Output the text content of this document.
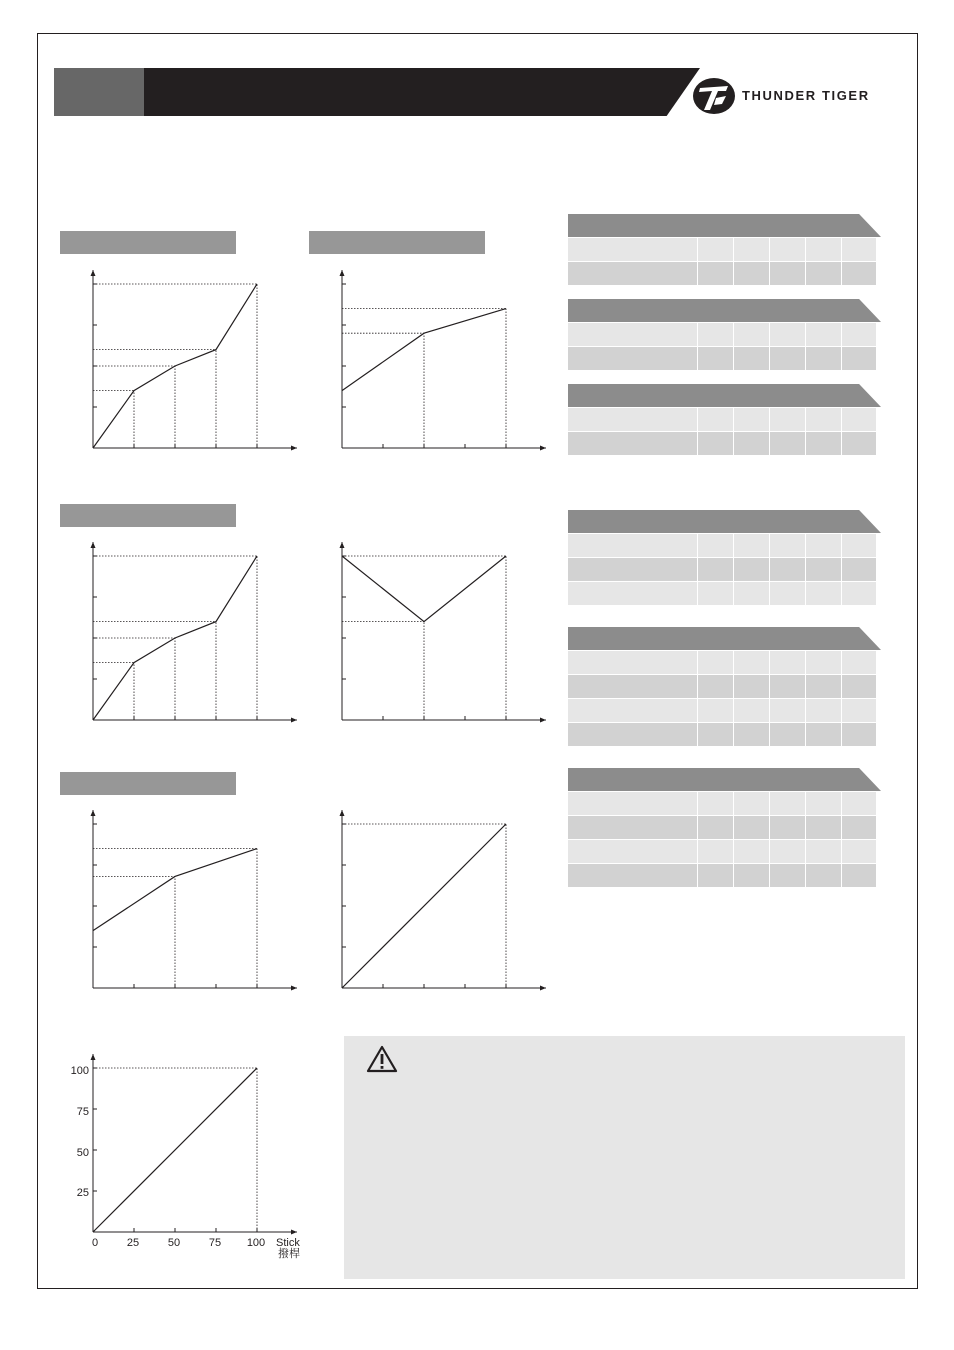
THUNDER TIGER
100
75
50
25
0	25	50	75 100 Stick
撥桿
